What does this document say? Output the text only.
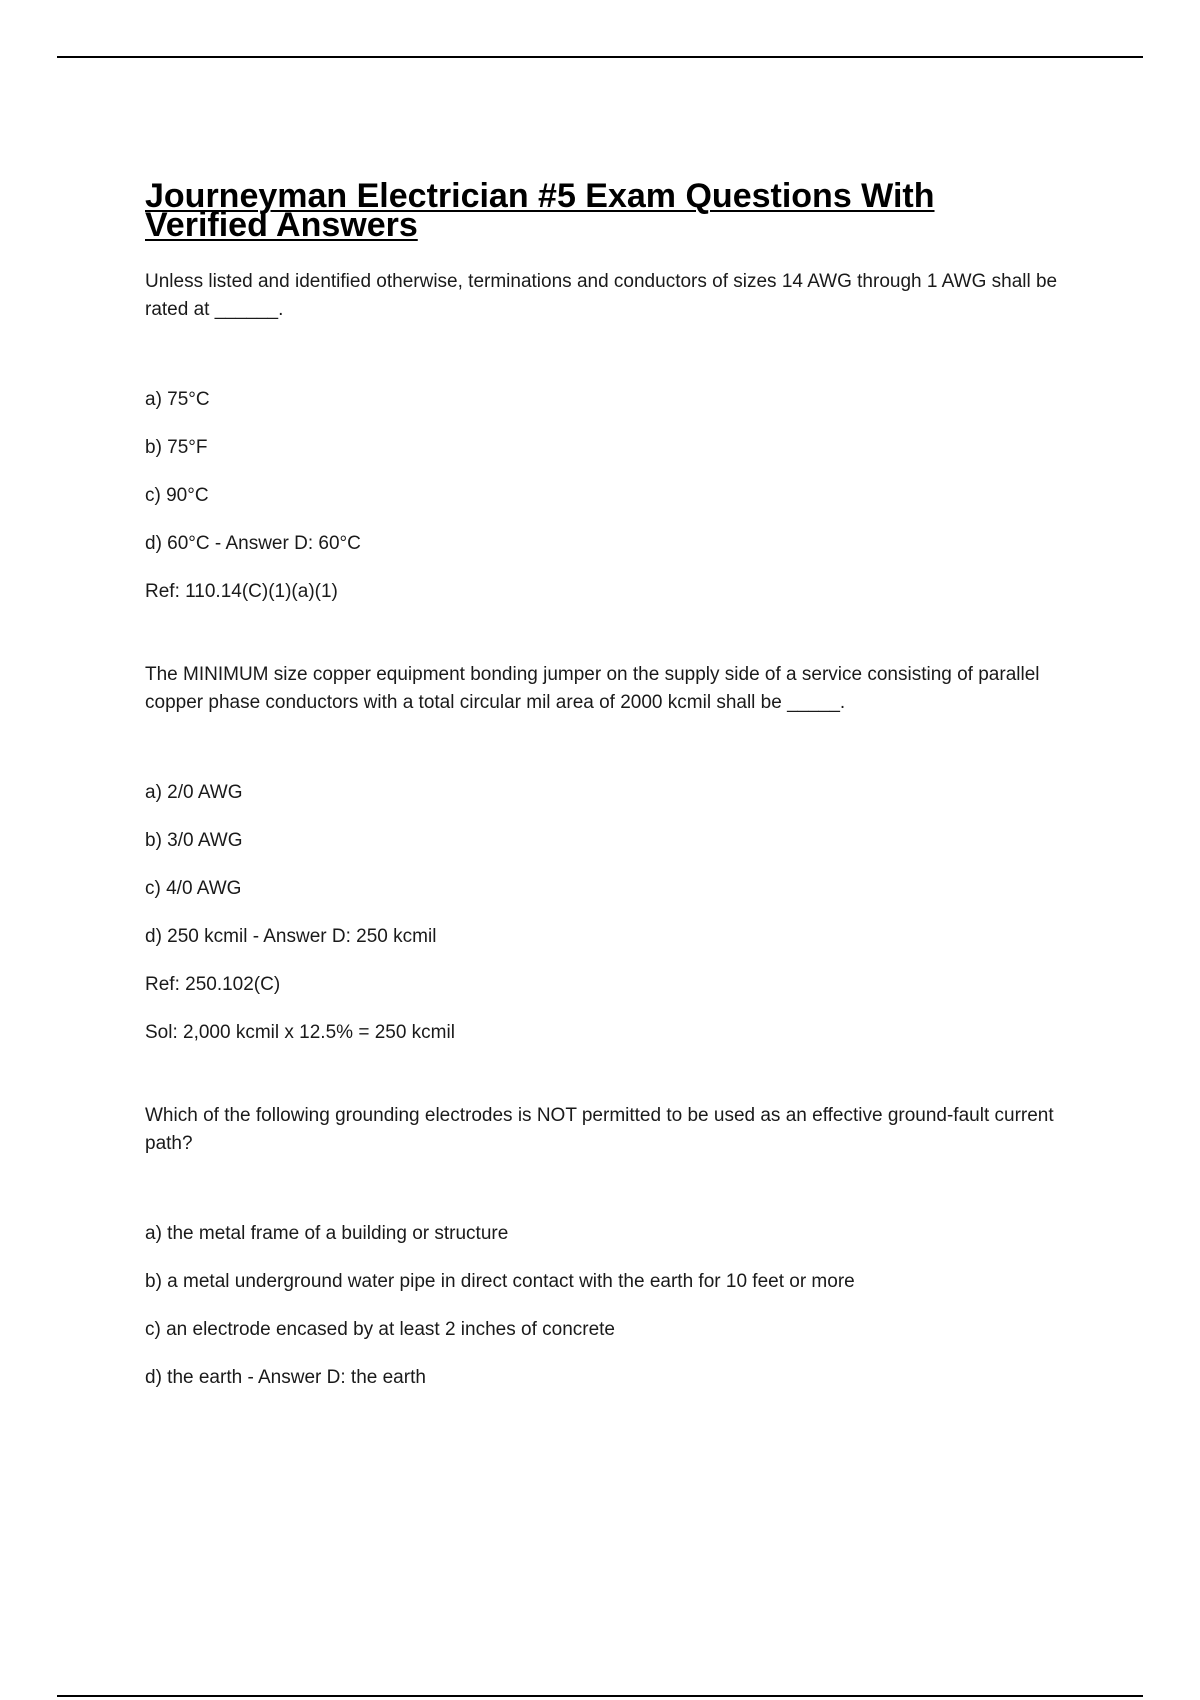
Journeyman Electrician #5 Exam Questions With Verified Answers

Unless listed and identified otherwise, terminations and conductors of sizes 14 AWG through 1 AWG shall be rated at ______.

a) 75°C

b) 75°F

c) 90°C

d) 60°C - Answer D: 60°C

Ref: 110.14(C)(1)(a)(1)

The MINIMUM size copper equipment bonding jumper on the supply side of a service consisting of parallel copper phase conductors with a total circular mil area of 2000 kcmil shall be _____.

a) 2/0 AWG

b) 3/0 AWG

c) 4/0 AWG

d) 250 kcmil - Answer D: 250 kcmil

Ref: 250.102(C)

Sol: 2,000 kcmil x 12.5% = 250 kcmil

Which of the following grounding electrodes is NOT permitted to be used as an effective ground-fault current path?

a) the metal frame of a building or structure

b) a metal underground water pipe in direct contact with the earth for 10 feet or more

c) an electrode encased by at least 2 inches of concrete

d) the earth - Answer D: the earth
